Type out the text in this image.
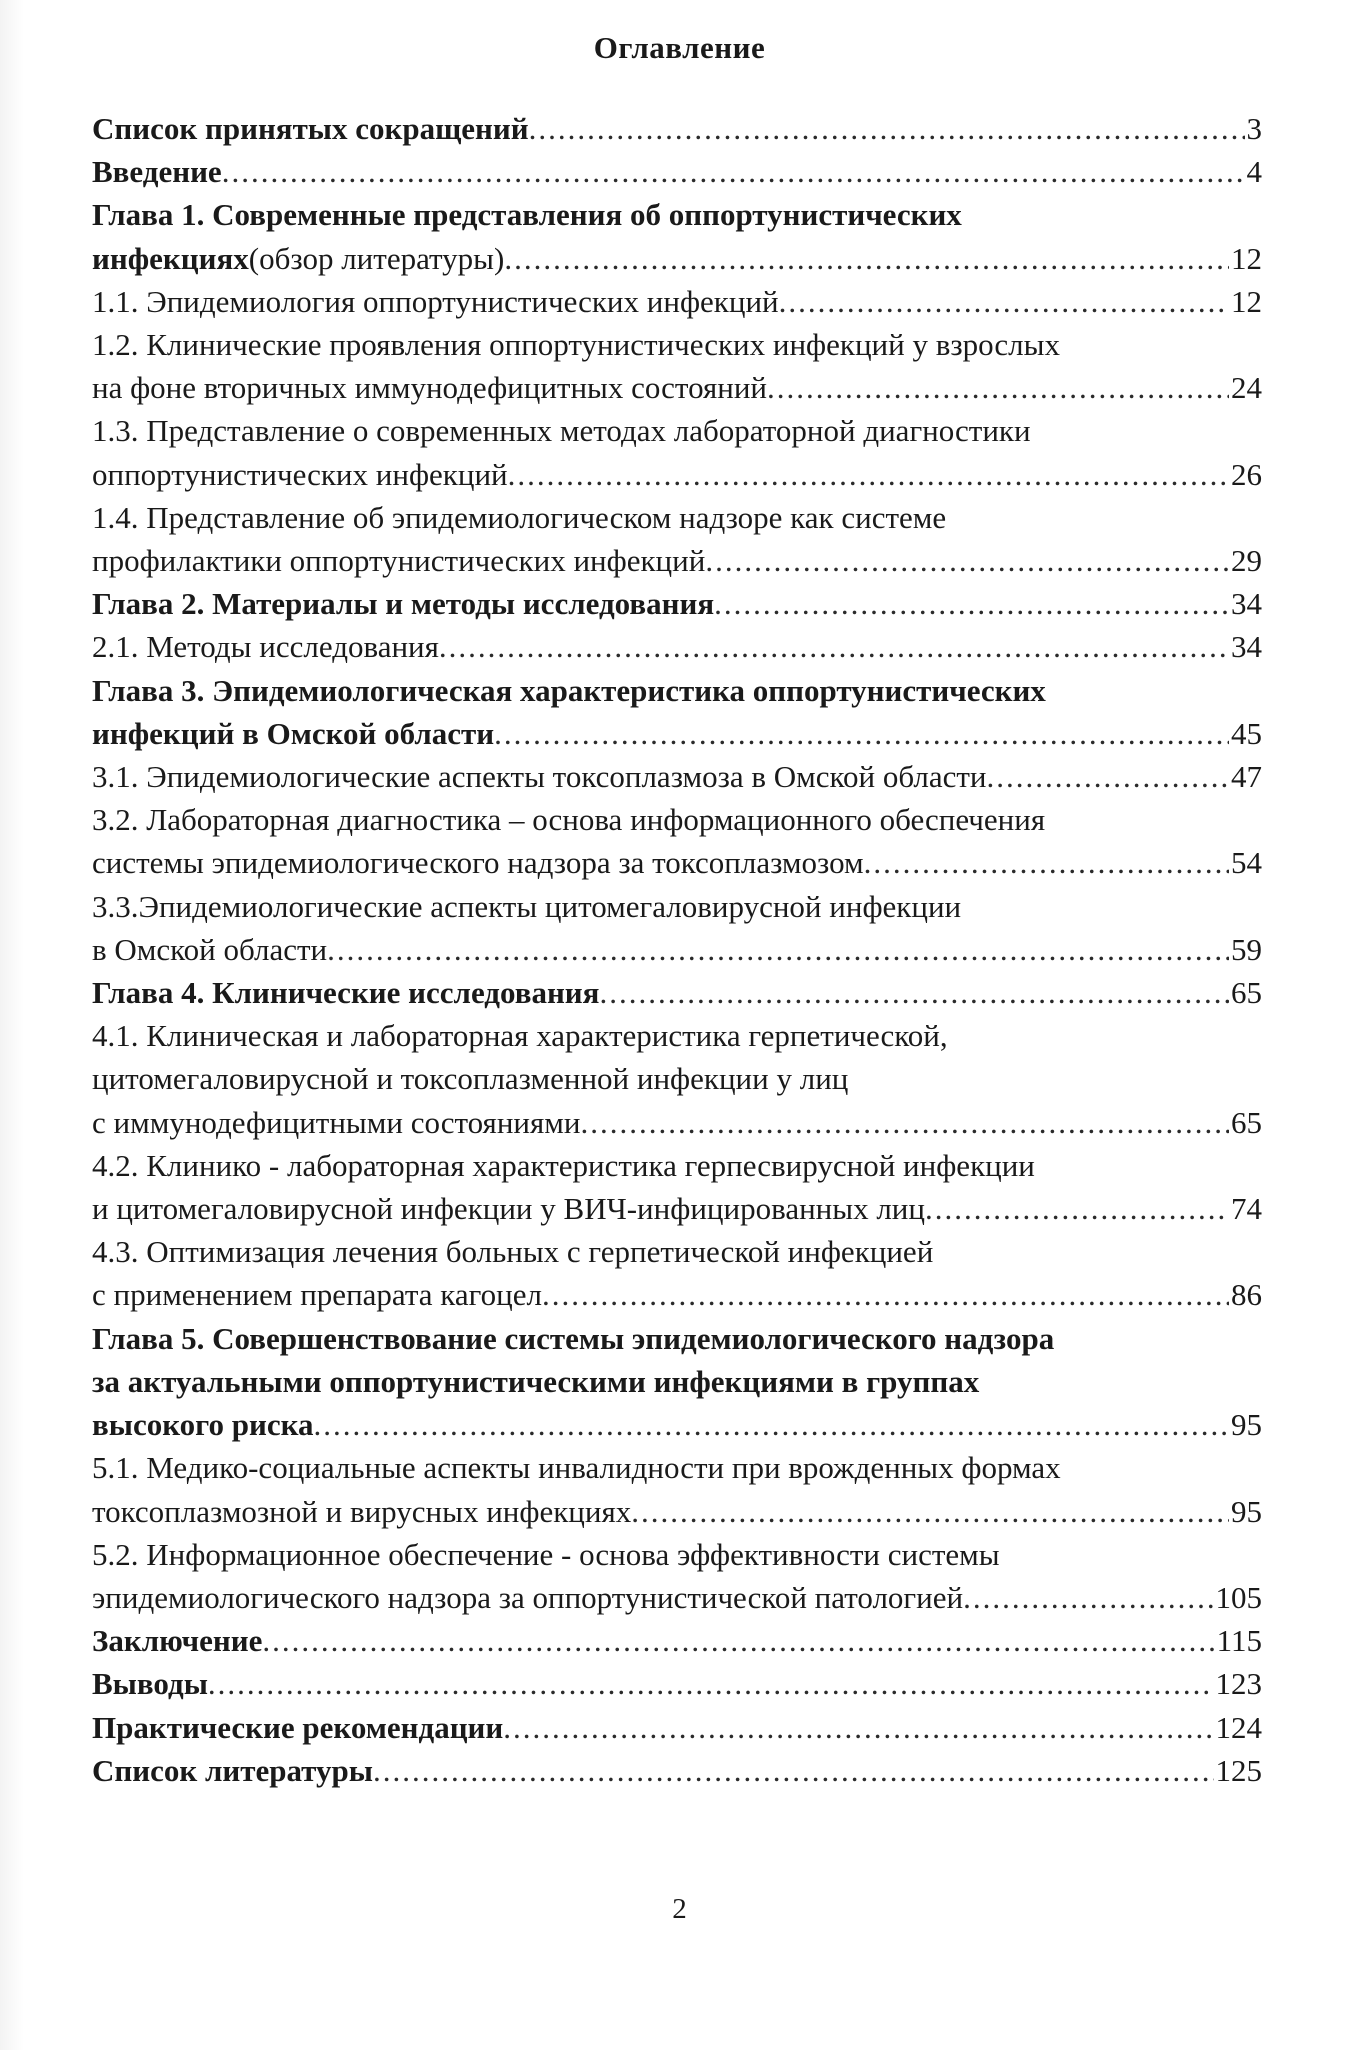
Оглавление
Список принятых сокращений .....	3
Введение .....	4
Глава 1. Современные представления об оппортунистических
инфекциях (обзор литературы) .....	12
1.1. Эпидемиология оппортунистических инфекций .....	12
1.2. Клинические проявления оппортунистических инфекций у взрослых
на фоне вторичных иммунодефицитных состояний .....	24
1.3. Представление о современных методах лабораторной диагностики
оппортунистических инфекций .....	26
1.4. Представление об эпидемиологическом надзоре как системе
профилактики оппортунистических инфекций .....	29
Глава 2. Материалы и методы исследования .....	34
2.1. Методы исследования .....	34
Глава 3. Эпидемиологическая характеристика оппортунистических
инфекций в Омской области .....	45
3.1. Эпидемиологические аспекты токсоплазмоза в Омской области .....	47
3.2. Лабораторная диагностика – основа информационного обеспечения
системы эпидемиологического надзора за токсоплазмозом .....	54
3.3.Эпидемиологические аспекты цитомегаловирусной инфекции
в Омской области .....	59
Глава 4. Клинические исследования .....	65
4.1. Клиническая и лабораторная характеристика герпетической,
цитомегаловирусной и токсоплазменной инфекции у лиц
с иммунодефицитными состояниями .....	65
4.2. Клинико - лабораторная характеристика герпесвирусной инфекции
и цитомегаловирусной инфекции у ВИЧ-инфицированных лиц .....	74
4.3. Оптимизация лечения больных с герпетической инфекцией
с применением препарата кагоцел .....	86
Глава 5. Совершенствование системы эпидемиологического надзора
за актуальными оппортунистическими инфекциями в группах
высокого риска .....	95
5.1. Медико-социальные аспекты инвалидности при врожденных формах
токсоплазмозной и вирусных инфекциях .....	95
5.2. Информационное обеспечение - основа эффективности системы
эпидемиологического надзора за оппортунистической патологией .....	105
Заключение .....	115
Выводы .....	123
Практические рекомендации .....	124
Список литературы .....	125
2
